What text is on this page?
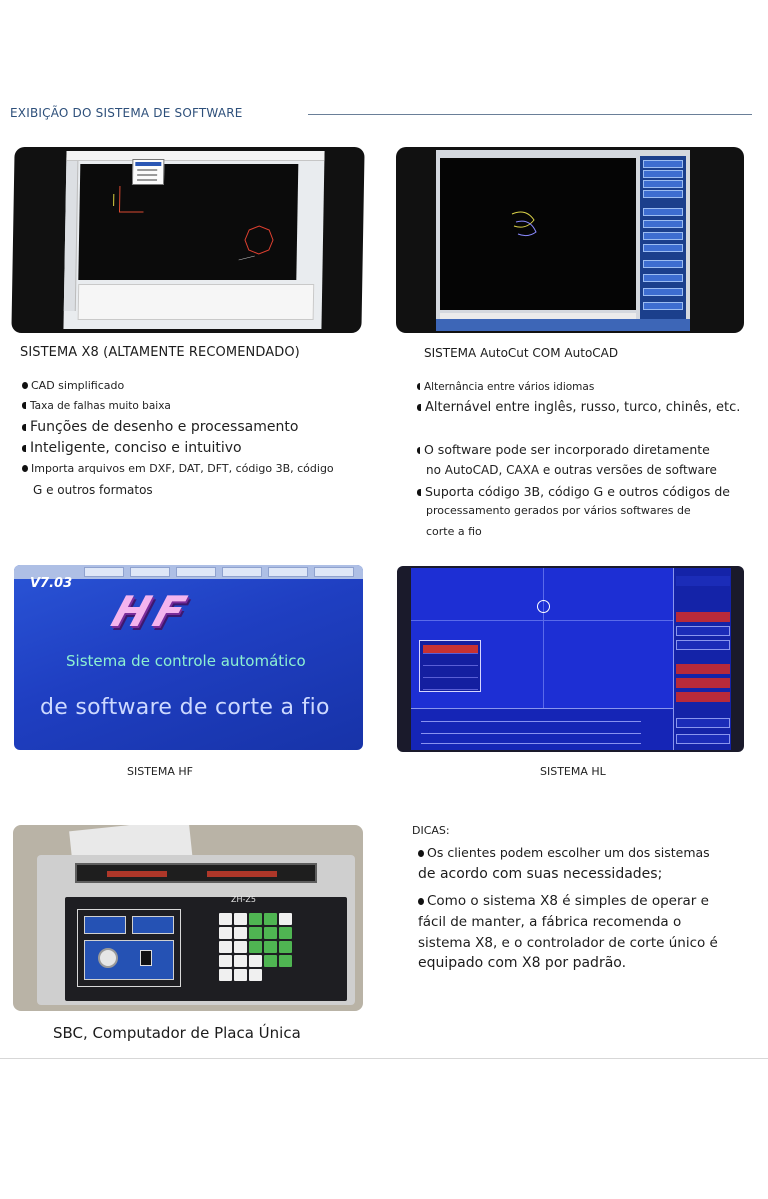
EXIBIÇÃO DO SISTEMA DE SOFTWARE
SISTEMA X8 (ALTAMENTE RECOMENDADO)	SISTEMA AutoCut COM AutoCAD
CAD simplificado
Taxa de falhas muito baixa
Funções de desenho e processamento
Inteligente, conciso e intuitivo
Importa arquivos em DXF, DAT, DFT, código 3B, código
G e outros formatos
Alternância entre vários idiomas
Alternável entre inglês, russo, turco, chinês, etc.
O software pode ser incorporado diretamente
no AutoCAD, CAXA e outras versões de software
Suporta código 3B, código G e outros códigos de
processamento gerados por vários softwares de
corte a fio
V7.03
HF
Sistema de controle automático
de software de corte a fio
SISTEMA HF	SISTEMA HL
ZH-Z5
SBC, Computador de Placa Única
DICAS:
Os clientes podem escolher um dos sistemas
de acordo com suas necessidades;
Como o sistema X8 é simples de operar e
fácil de manter, a fábrica recomenda o
sistema X8, e o controlador de corte único é
equipado com X8 por padrão.
